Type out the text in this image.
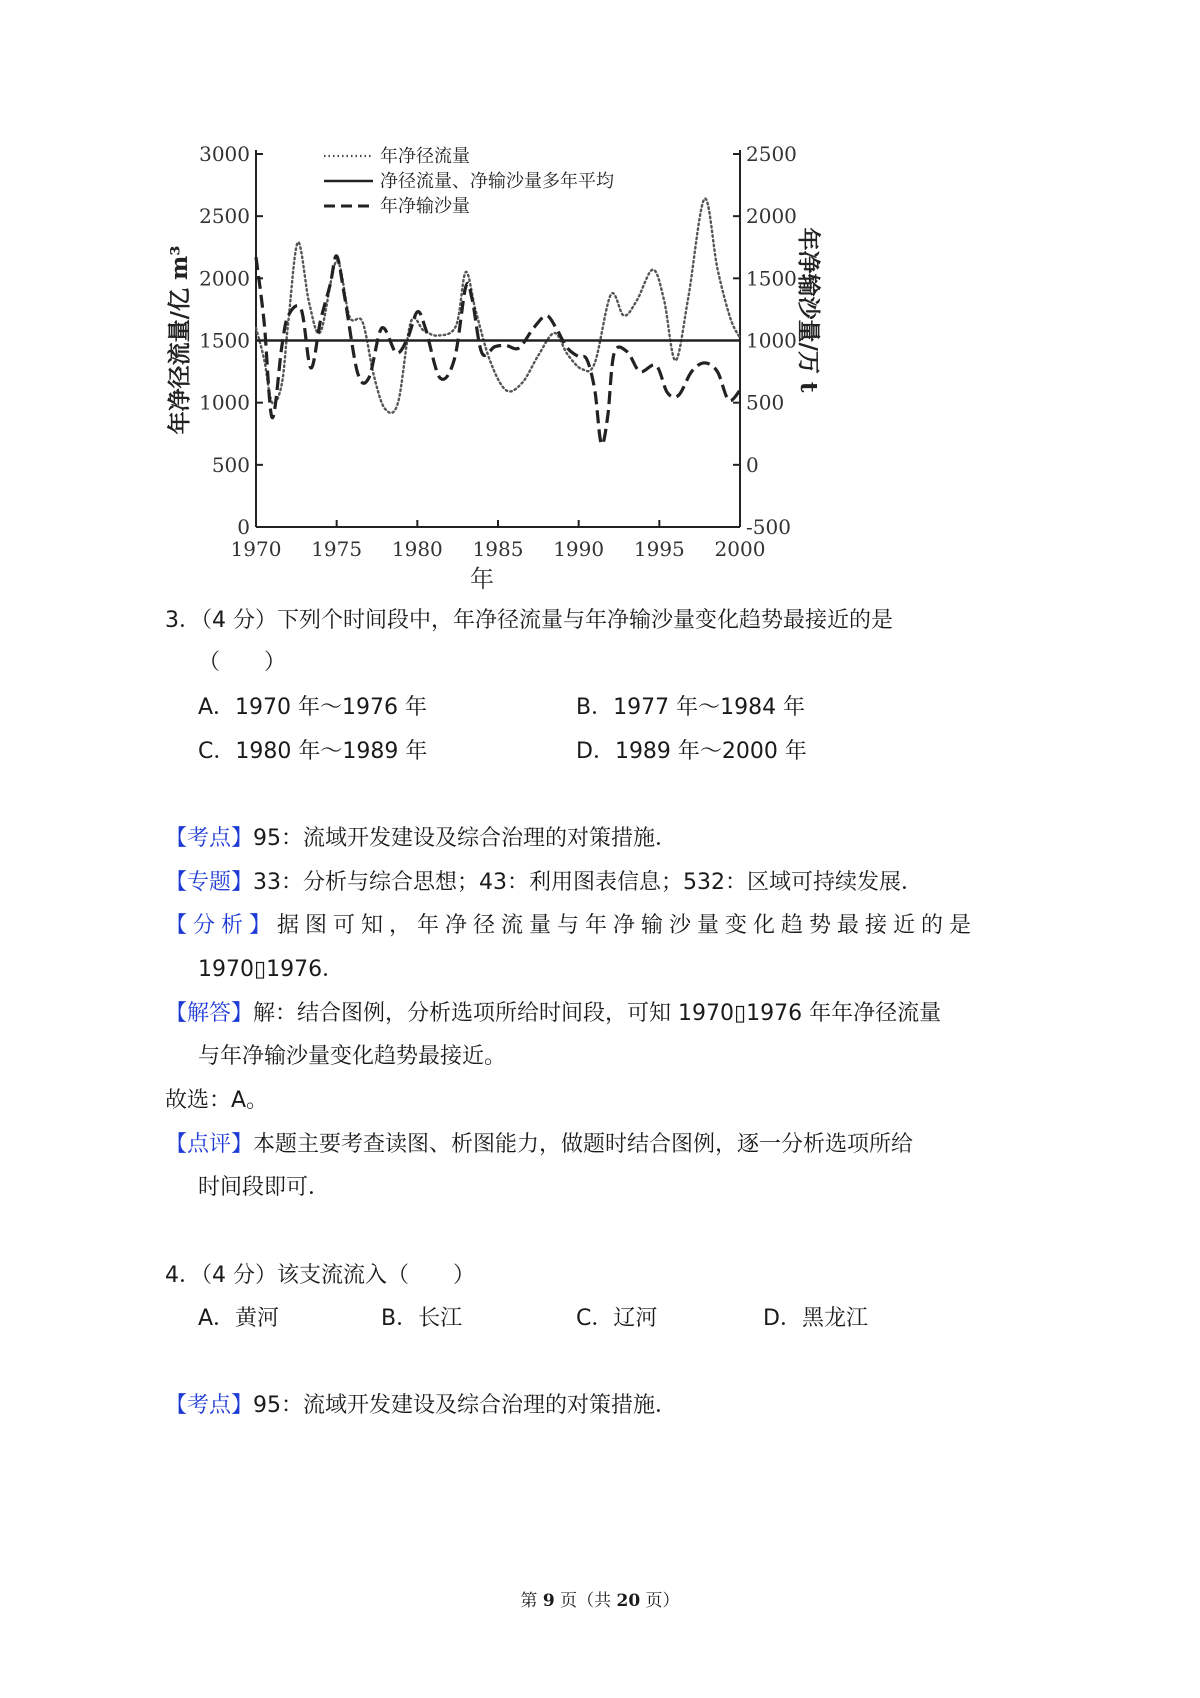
0
500
1000
1500
2000
2500
3000
-500
0
500
1000
1500
2000
2500
1970 1975 1980 1985 1990 1995 2000
年净径流量/亿 m³	年净输沙量/万 t
年
年净径流量
净径流量、净输沙量多年平均
年净输沙量
3．（4 分）下列个时间段中，年净径流量与年净输沙量变化趋势最接近的是
（　　）
A．1970 年～1976 年	B．1977 年～1984 年
C．1980 年～1989 年	D．1989 年～2000 年
【考点】95：流域开发建设及综合治理的对策措施．
【专题】33：分析与综合思想；43：利用图表信息；532：区域可持续发展．
【分析】据图可知，年净径流量与年净输沙量变化趋势最接近的是
1970▯1976．
【解答】解：结合图例，分析选项所给时间段，可知 1970▯1976 年年净径流量
与年净输沙量变化趋势最接近。
故选：A。
【点评】本题主要考查读图、析图能力，做题时结合图例，逐一分析选项所给
时间段即可．
4．（4 分）该支流流入（　　）
A．黄河	B．长江	C．辽河	D．黑龙江
【考点】95：流域开发建设及综合治理的对策措施．
第 9 页（共 20 页）
